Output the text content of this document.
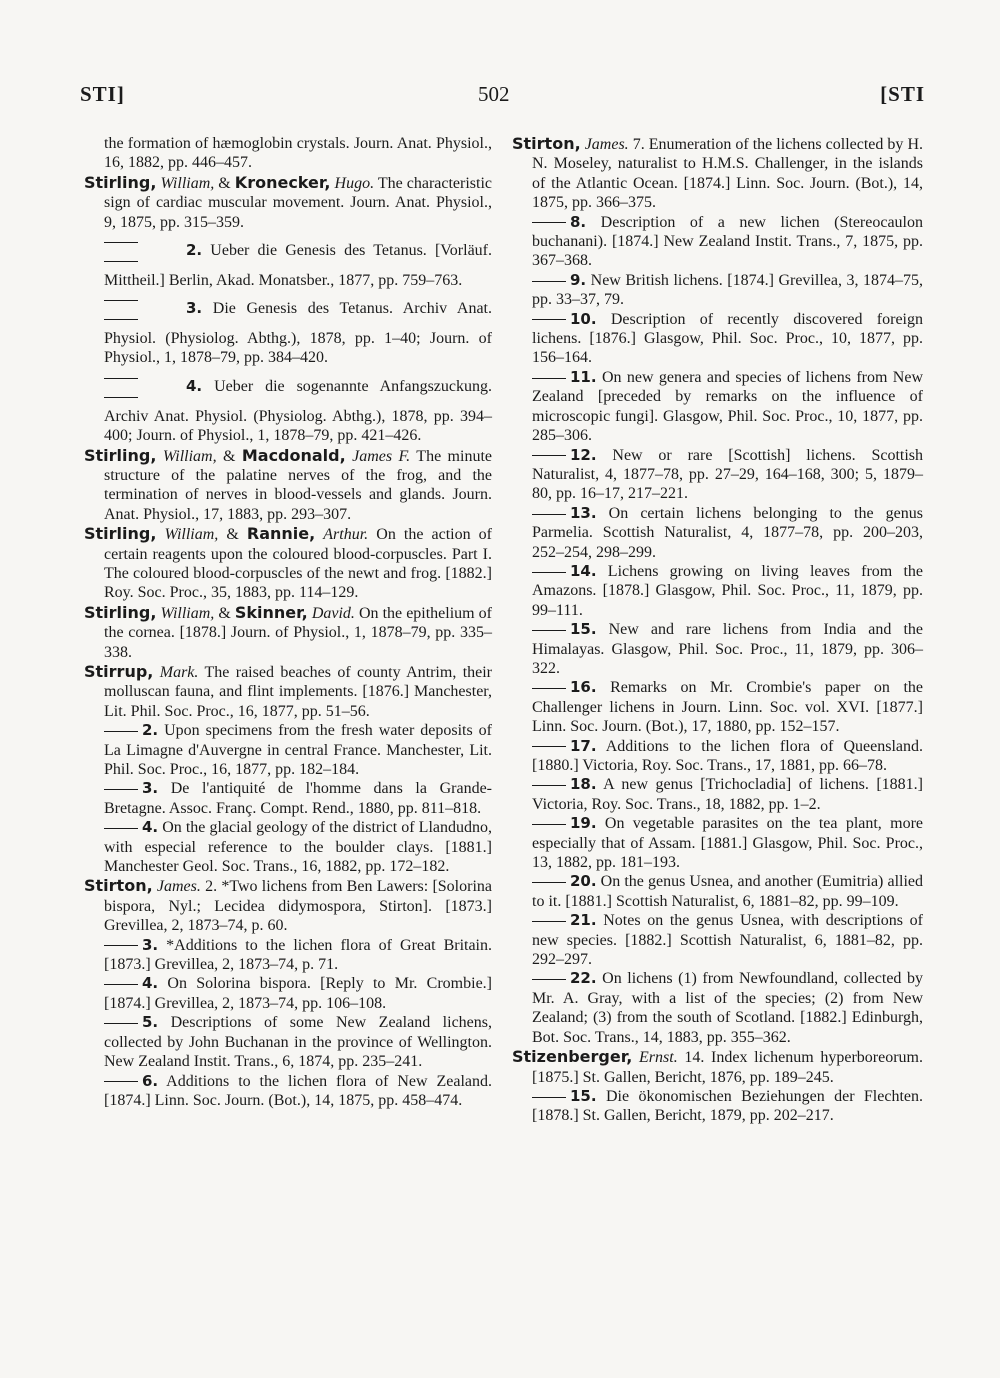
STI]	502	[STI

the formation of hæmoglobin crystals. Journ. Anat. Physiol., 16, 1882, pp. 446–457.

Stirling, William, & Kronecker, Hugo. The characteristic sign of cardiac muscular movement. Journ. Anat. Physiol., 9, 1875, pp. 315–359.

2. Ueber die Genesis des Tetanus. [Vorläuf. Mittheil.] Berlin, Akad. Monatsber., 1877, pp. 759–763.

3. Die Genesis des Tetanus. Archiv Anat. Physiol. (Physiolog. Abthg.), 1878, pp. 1–40; Journ. of Physiol., 1, 1878–79, pp. 384–420.

4. Ueber die sogenannte Anfangszuckung. Archiv Anat. Physiol. (Physiolog. Abthg.), 1878, pp. 394–400; Journ. of Physiol., 1, 1878–79, pp. 421–426.

Stirling, William, & Macdonald, James F. The minute structure of the palatine nerves of the frog, and the termination of nerves in blood-vessels and glands. Journ. Anat. Physiol., 17, 1883, pp. 293–307.

Stirling, William, & Rannie, Arthur. On the action of certain reagents upon the coloured blood-corpuscles. Part I. The coloured blood-corpuscles of the newt and frog. [1882.] Roy. Soc. Proc., 35, 1883, pp. 114–129.

Stirling, William, & Skinner, David. On the epithelium of the cornea. [1878.] Journ. of Physiol., 1, 1878–79, pp. 335–338.

Stirrup, Mark. The raised beaches of county Antrim, their molluscan fauna, and flint implements. [1876.] Manchester, Lit. Phil. Soc. Proc., 16, 1877, pp. 51–56.

2. Upon specimens from the fresh water deposits of La Limagne d'Auvergne in central France. Manchester, Lit. Phil. Soc. Proc., 16, 1877, pp. 182–184.

3. De l'antiquité de l'homme dans la Grande-Bretagne. Assoc. Franç. Compt. Rend., 1880, pp. 811–818.

4. On the glacial geology of the district of Llandudno, with especial reference to the boulder clays. [1881.] Manchester Geol. Soc. Trans., 16, 1882, pp. 172–182.

Stirton, James. 2. *Two lichens from Ben Lawers: [Solorina bispora, Nyl.; Lecidea didymospora, Stirton]. [1873.] Grevillea, 2, 1873–74, p. 60.

3. *Additions to the lichen flora of Great Britain. [1873.] Grevillea, 2, 1873–74, p. 71.

4. On Solorina bispora. [Reply to Mr. Crombie.] [1874.] Grevillea, 2, 1873–74, pp. 106–108.

5. Descriptions of some New Zealand lichens, collected by John Buchanan in the province of Wellington. New Zealand Instit. Trans., 6, 1874, pp. 235–241.

6. Additions to the lichen flora of New Zealand. [1874.] Linn. Soc. Journ. (Bot.), 14, 1875, pp. 458–474.

Stirton, James. 7. Enumeration of the lichens collected by H. N. Moseley, naturalist to H.M.S. Challenger, in the islands of the Atlantic Ocean. [1874.] Linn. Soc. Journ. (Bot.), 14, 1875, pp. 366–375.

8. Description of a new lichen (Stereocaulon buchanani). [1874.] New Zealand Instit. Trans., 7, 1875, pp. 367–368.

9. New British lichens. [1874.] Grevillea, 3, 1874–75, pp. 33–37, 79.

10. Description of recently discovered foreign lichens. [1876.] Glasgow, Phil. Soc. Proc., 10, 1877, pp. 156–164.

11. On new genera and species of lichens from New Zealand [preceded by remarks on the influence of microscopic fungi]. Glasgow, Phil. Soc. Proc., 10, 1877, pp. 285–306.

12. New or rare [Scottish] lichens. Scottish Naturalist, 4, 1877–78, pp. 27–29, 164–168, 300; 5, 1879–80, pp. 16–17, 217–221.

13. On certain lichens belonging to the genus Parmelia. Scottish Naturalist, 4, 1877–78, pp. 200–203, 252–254, 298–299.

14. Lichens growing on living leaves from the Amazons. [1878.] Glasgow, Phil. Soc. Proc., 11, 1879, pp. 99–111.

15. New and rare lichens from India and the Himalayas. Glasgow, Phil. Soc. Proc., 11, 1879, pp. 306–322.

16. Remarks on Mr. Crombie's paper on the Challenger lichens in Journ. Linn. Soc. vol. XVI. [1877.] Linn. Soc. Journ. (Bot.), 17, 1880, pp. 152–157.

17. Additions to the lichen flora of Queensland. [1880.] Victoria, Roy. Soc. Trans., 17, 1881, pp. 66–78.

18. A new genus [Trichocladia] of lichens. [1881.] Victoria, Roy. Soc. Trans., 18, 1882, pp. 1–2.

19. On vegetable parasites on the tea plant, more especially that of Assam. [1881.] Glasgow, Phil. Soc. Proc., 13, 1882, pp. 181–193.

20. On the genus Usnea, and another (Eumitria) allied to it. [1881.] Scottish Naturalist, 6, 1881–82, pp. 99–109.

21. Notes on the genus Usnea, with descriptions of new species. [1882.] Scottish Naturalist, 6, 1881–82, pp. 292–297.

22. On lichens (1) from Newfoundland, collected by Mr. A. Gray, with a list of the species; (2) from New Zealand; (3) from the south of Scotland. [1882.] Edinburgh, Bot. Soc. Trans., 14, 1883, pp. 355–362.

Stizenberger, Ernst. 14. Index lichenum hyperboreorum. [1875.] St. Gallen, Bericht, 1876, pp. 189–245.

15. Die ökonomischen Beziehungen der Flechten. [1878.] St. Gallen, Bericht, 1879, pp. 202–217.
